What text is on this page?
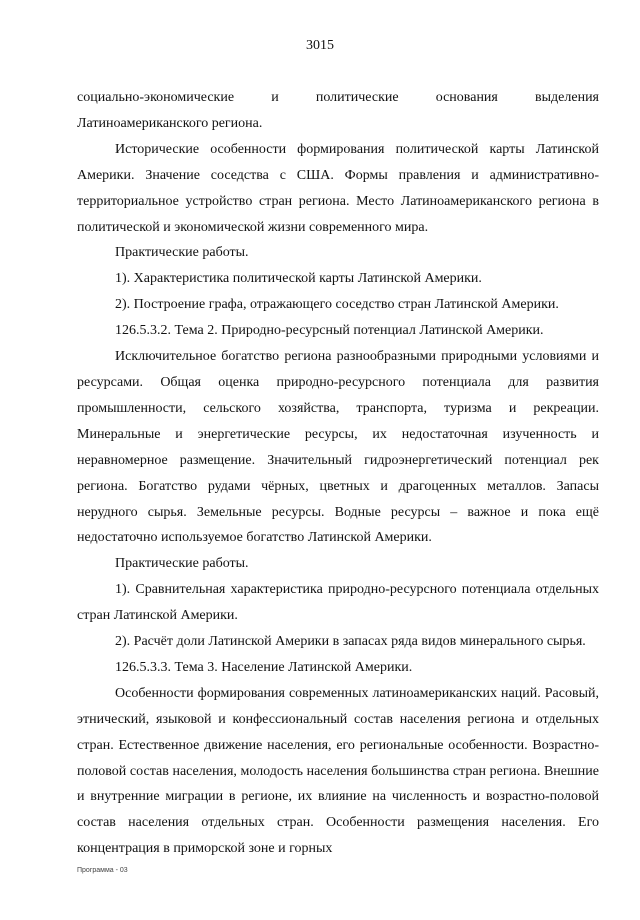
3015

социально-экономические и политические основания выделения Латиноамериканского региона.

Исторические особенности формирования политической карты Латинской Америки. Значение соседства с США. Формы правления и административно-территориальное устройство стран региона. Место Латиноамериканского региона в политической и экономической жизни современного мира.

Практические работы.

1). Характеристика политической карты Латинской Америки.

2). Построение графа, отражающего соседство стран Латинской Америки.

126.5.3.2. Тема 2. Природно-ресурсный потенциал Латинской Америки.

Исключительное богатство региона разнообразными природными условиями и ресурсами. Общая оценка природно-ресурсного потенциала для развития промышленности, сельского хозяйства, транспорта, туризма и рекреации. Минеральные и энергетические ресурсы, их недостаточная изученность и неравномерное размещение. Значительный гидроэнергетический потенциал рек региона. Богатство рудами чёрных, цветных и драгоценных металлов. Запасы нерудного сырья. Земельные ресурсы. Водные ресурсы – важное и пока ещё недостаточно используемое богатство Латинской Америки.

Практические работы.

1). Сравнительная характеристика природно-ресурсного потенциала отдельных стран Латинской Америки.

2). Расчёт доли Латинской Америки в запасах ряда видов минерального сырья.

126.5.3.3. Тема 3. Население Латинской Америки.

Особенности формирования современных латиноамериканских наций. Расовый, этнический, языковой и конфессиональный состав населения региона и отдельных стран. Естественное движение населения, его региональные особенности. Возрастно-половой состав населения, молодость населения большинства стран региона. Внешние и внутренние миграции в регионе, их влияние на численность и возрастно-половой состав населения отдельных стран. Особенности размещения населения. Его концентрация в приморской зоне и горных

Программа - 03
